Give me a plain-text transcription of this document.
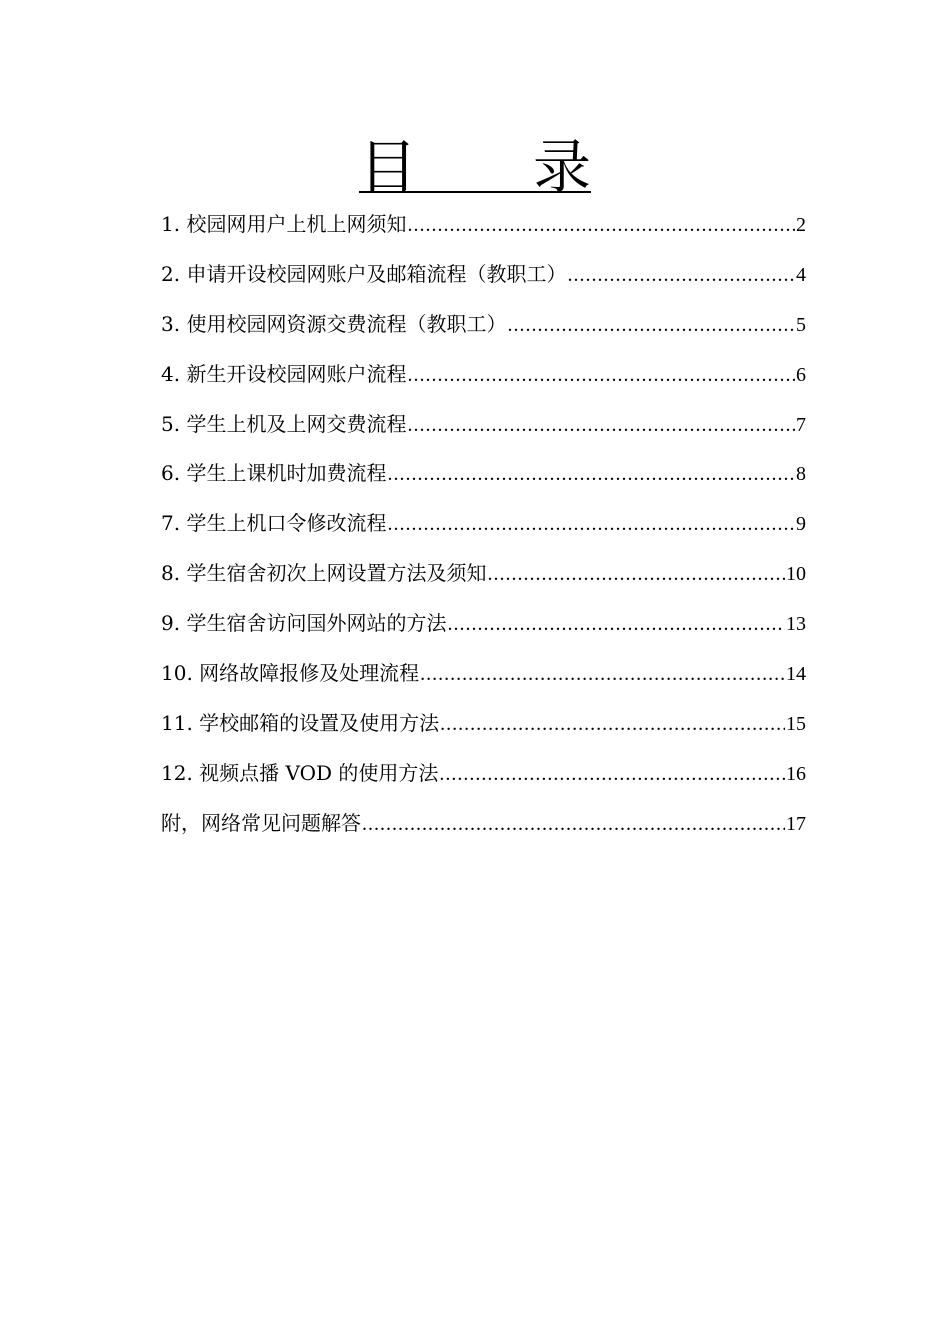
目　　录
1. 校园网用户上机上网须知 .....	2
2. 申请开设校园网账户及邮箱流程（教职工） .....	4
3. 使用校园网资源交费流程（教职工） .....	5
4. 新生开设校园网账户流程 .....	6
5. 学生上机及上网交费流程 .....	7
6. 学生上课机时加费流程 .....	8
7. 学生上机口令修改流程 .....	9
8. 学生宿舍初次上网设置方法及须知 .....	10
9. 学生宿舍访问国外网站的方法 .....	13
10. 网络故障报修及处理流程 .....	14
11. 学校邮箱的设置及使用方法 .....	15
12. 视频点播 VOD 的使用方法 .....	16
附，网络常见问题解答 .....	17
